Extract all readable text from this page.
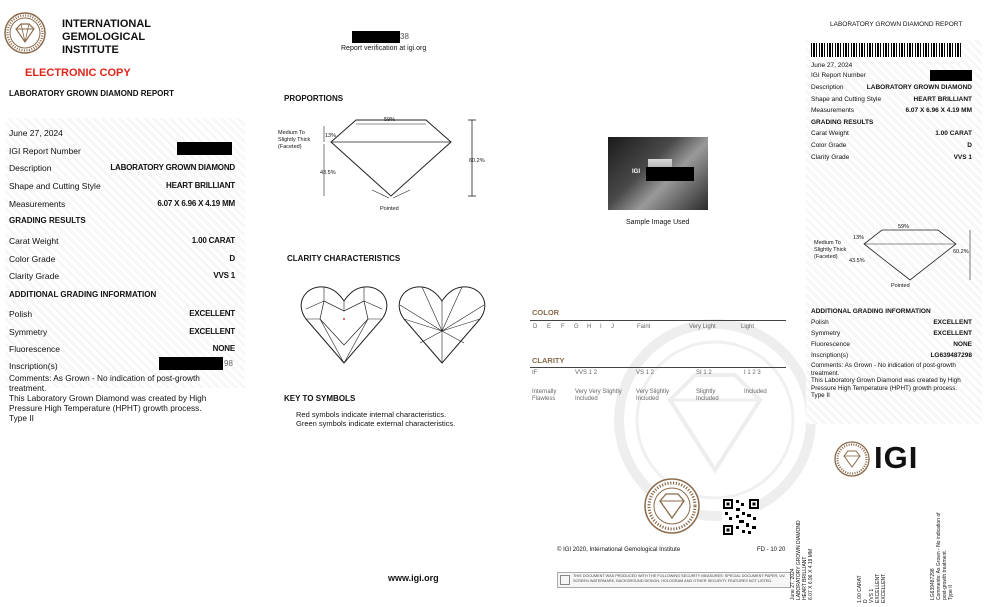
INTERNATIONAL
GEMOLOGICAL
INSTITUTE
ELECTRONIC COPY
LABORATORY GROWN DIAMOND REPORT
June 27, 2024
IGI Report Number
Description	LABORATORY GROWN DIAMOND
Shape and Cutting Style	HEART BRILLIANT
Measurements	6.07 X 6.96 X 4.19 MM
GRADING RESULTS
Carat Weight	1.00 CARAT
Color Grade	D
Clarity Grade	VVS 1
ADDITIONAL GRADING INFORMATION
Polish	EXCELLENT
Symmetry	EXCELLENT
Fluorescence	NONE
Inscription(s)	98
Comments: As Grown - No indication of post-growth treatment.
This Laboratory Grown Diamond was created by High Pressure High Temperature (HPHT) growth process.
Type II
38
Report verification at igi.org
PROPORTIONS
59%
13%
Medium To Slightly Thick (Faceted)
43.5%
60.2%
Pointed
CLARITY CHARACTERISTICS
KEY TO SYMBOLS
Red symbols indicate internal characteristics.
Green symbols indicate external characteristics.
IGI
Sample Image Used
COLOR
D E F G H I J	Faint	Very Light	Light
CLARITY
IF	VVS 1 2	VS 1 2	SI 1 2	I 1 2 3
Internally Flawless
Very Very Slightly Included
Very Slightly Included
Slightly Included
Included
© IGI 2020, International Gemological Institute	FD - 10 20
www.igi.org	THIS DOCUMENT WAS PRODUCED WITH THE FOLLOWING SECURITY MEASURES: SPECIAL DOCUMENT PAPER, UV-SCREEN WATERMARK, BACKGROUND DESIGN, HOLOGRAM AND OTHER SECURITY FEATURES NOT LISTED.
LABORATORY GROWN DIAMOND REPORT
June 27, 2024
IGI Report Number
Description	LABORATORY GROWN DIAMOND
Shape and Cutting Style	HEART BRILLIANT
Measurements	6.07 X 6.96 X 4.19 MM
GRADING RESULTS
Carat Weight	1.00 CARAT
Color Grade	D
Clarity Grade	VVS 1
59%
13%
Medium To Slightly Thick (Faceted)
43.5%
60.2%
Pointed
ADDITIONAL GRADING INFORMATION
Polish	EXCELLENT
Symmetry	EXCELLENT
Fluorescence	NONE
Inscription(s)	LG639487298
Comments: As Grown - No indication of post-growth treatment.
This Laboratory Grown Diamond was created by High Pressure High Temperature (HPHT) growth process.
Type II
IGI
June 27, 2024 LABORATORY GROWN DIAMOND HEART BRILLIANT 6.07 X 6.96 X 4.19 MM	1.00 CARAT D VVS 1 EXCELLENT EXCELLENT	LG639487298 Comments: As Grown - No indication of post-growth treatment. Type II
